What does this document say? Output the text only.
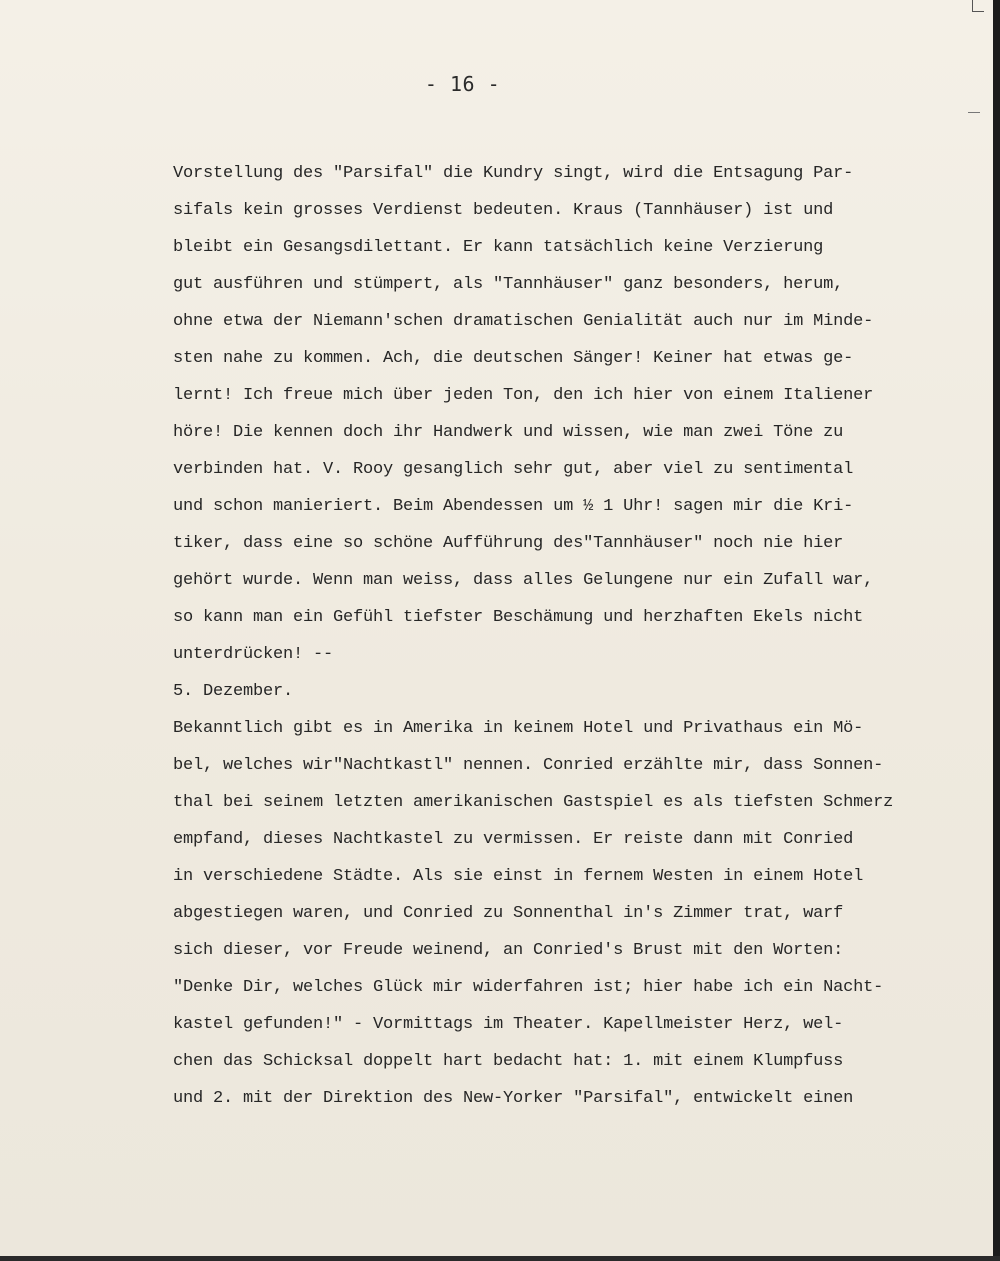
- 16 -
Vorstellung des "Parsifal" die Kundry singt, wird die Entsagung Par-
sifals kein grosses Verdienst bedeuten. Kraus (Tannhäuser) ist und
bleibt ein Gesangsdilettant. Er kann tatsächlich keine Verzierung
gut ausführen und stümpert, als "Tannhäuser" ganz besonders, herum,
ohne etwa der Niemann'schen dramatischen Genialität auch nur im Minde-
sten nahe zu kommen. Ach, die deutschen Sänger! Keiner hat etwas ge-
lernt! Ich freue mich über jeden Ton, den ich hier von einem Italiener
höre! Die kennen doch ihr Handwerk und wissen, wie man zwei Töne zu
verbinden hat. V. Rooy gesanglich sehr gut, aber viel zu sentimental
und schon manieriert. Beim Abendessen um ½ 1 Uhr! sagen mir die Kri-
tiker, dass eine so schöne Aufführung des"Tannhäuser" noch nie hier
gehört wurde. Wenn man weiss, dass alles Gelungene nur ein Zufall war,
so kann man ein Gefühl tiefster Beschämung und herzhaften Ekels nicht
unterdrücken! --
5. Dezember.
Bekanntlich gibt es in Amerika in keinem Hotel und Privathaus ein Mö-
bel, welches wir"Nachtkastl" nennen. Conried erzählte mir, dass Sonnen-
thal bei seinem letzten amerikanischen Gastspiel es als tiefsten Schmerz
empfand, dieses Nachtkastel zu vermissen. Er reiste dann mit Conried
in verschiedene Städte. Als sie einst in fernem Westen in einem Hotel
abgestiegen waren, und Conried zu Sonnenthal in's Zimmer trat, warf
sich dieser, vor Freude weinend, an Conried's Brust mit den Worten:
"Denke Dir, welches Glück mir widerfahren ist; hier habe ich ein Nacht-
kastel gefunden!" - Vormittags im Theater. Kapellmeister Herz, wel-
chen das Schicksal doppelt hart bedacht hat: 1. mit einem Klumpfuss
und 2. mit der Direktion des New-Yorker "Parsifal", entwickelt einen
